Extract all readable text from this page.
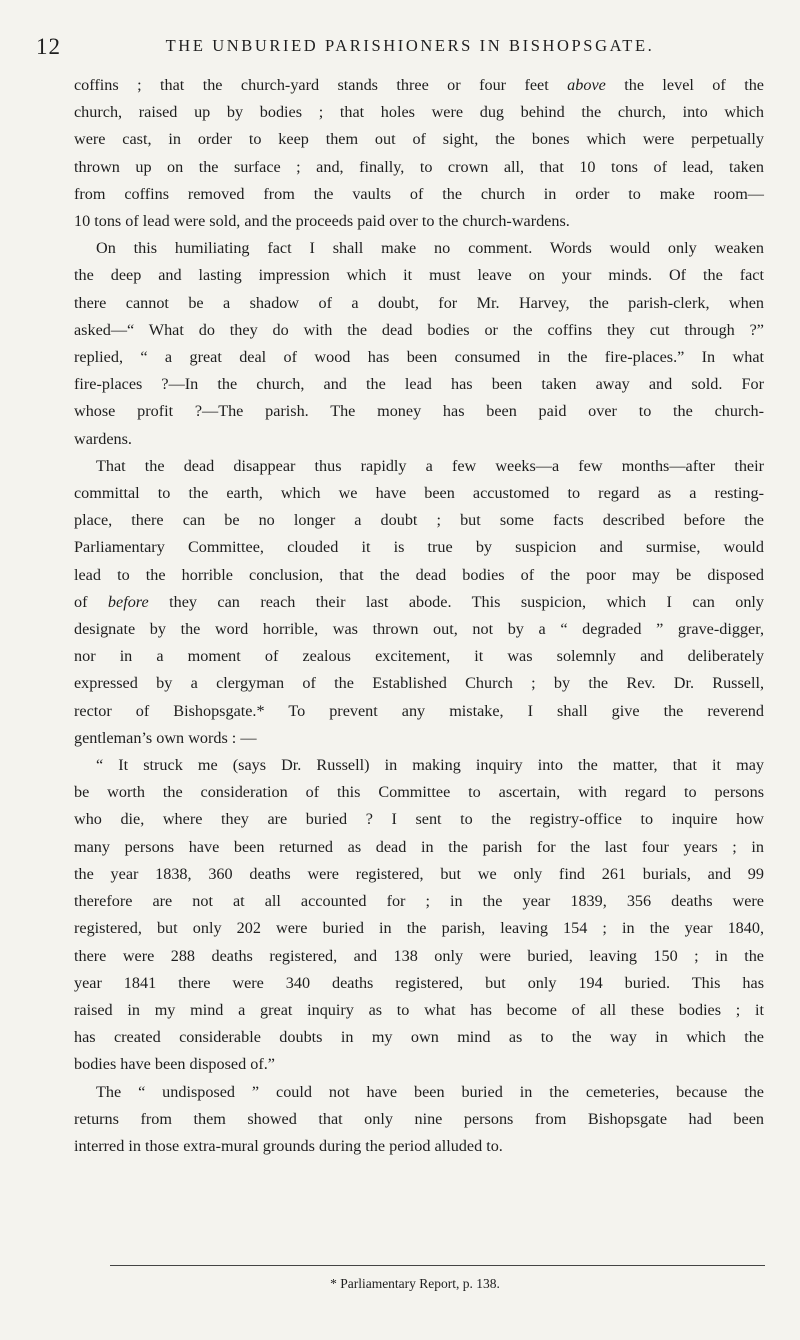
12	THE UNBURIED PARISHIONERS IN BISHOPSGATE.

coffins ; that the church-yard stands three or four feet above the level of the
church, raised up by bodies ; that holes were dug behind the church, into which
were cast, in order to keep them out of sight, the bones which were perpetually
thrown up on the surface ; and, finally, to crown all, that 10 tons of lead, taken
from coffins removed from the vaults of the church in order to make room—
10 tons of lead were sold, and the proceeds paid over to the church-wardens.

On this humiliating fact I shall make no comment. Words would only weaken
the deep and lasting impression which it must leave on your minds. Of the fact
there cannot be a shadow of a doubt, for Mr. Harvey, the parish-clerk, when
asked—“ What do they do with the dead bodies or the coffins they cut through ?”
replied, “ a great deal of wood has been consumed in the fire-places.” In what
fire-places ?—In the church, and the lead has been taken away and sold. For
whose profit ?—The parish. The money has been paid over to the church-
wardens.

That the dead disappear thus rapidly a few weeks—a few months—after their
committal to the earth, which we have been accustomed to regard as a resting-
place, there can be no longer a doubt ; but some facts described before the
Parliamentary Committee, clouded it is true by suspicion and surmise, would
lead to the horrible conclusion, that the dead bodies of the poor may be disposed
of before they can reach their last abode. This suspicion, which I can only
designate by the word horrible, was thrown out, not by a “ degraded ” grave-digger,
nor in a moment of zealous excitement, it was solemnly and deliberately
expressed by a clergyman of the Established Church ; by the Rev. Dr. Russell,
rector of Bishopsgate.* To prevent any mistake, I shall give the reverend
gentleman’s own words : —

“ It struck me (says Dr. Russell) in making inquiry into the matter, that it may
be worth the consideration of this Committee to ascertain, with regard to persons
who die, where they are buried ? I sent to the registry-office to inquire how
many persons have been returned as dead in the parish for the last four years ; in
the year 1838, 360 deaths were registered, but we only find 261 burials, and 99
therefore are not at all accounted for ; in the year 1839, 356 deaths were
registered, but only 202 were buried in the parish, leaving 154 ; in the year 1840,
there were 288 deaths registered, and 138 only were buried, leaving 150 ; in the
year 1841 there were 340 deaths registered, but only 194 buried. This has
raised in my mind a great inquiry as to what has become of all these bodies ; it
has created considerable doubts in my own mind as to the way in which the
bodies have been disposed of.”

The “ undisposed ” could not have been buried in the cemeteries, because the
returns from them showed that only nine persons from Bishopsgate had been
interred in those extra-mural grounds during the period alluded to.

* Parliamentary Report, p. 138.
